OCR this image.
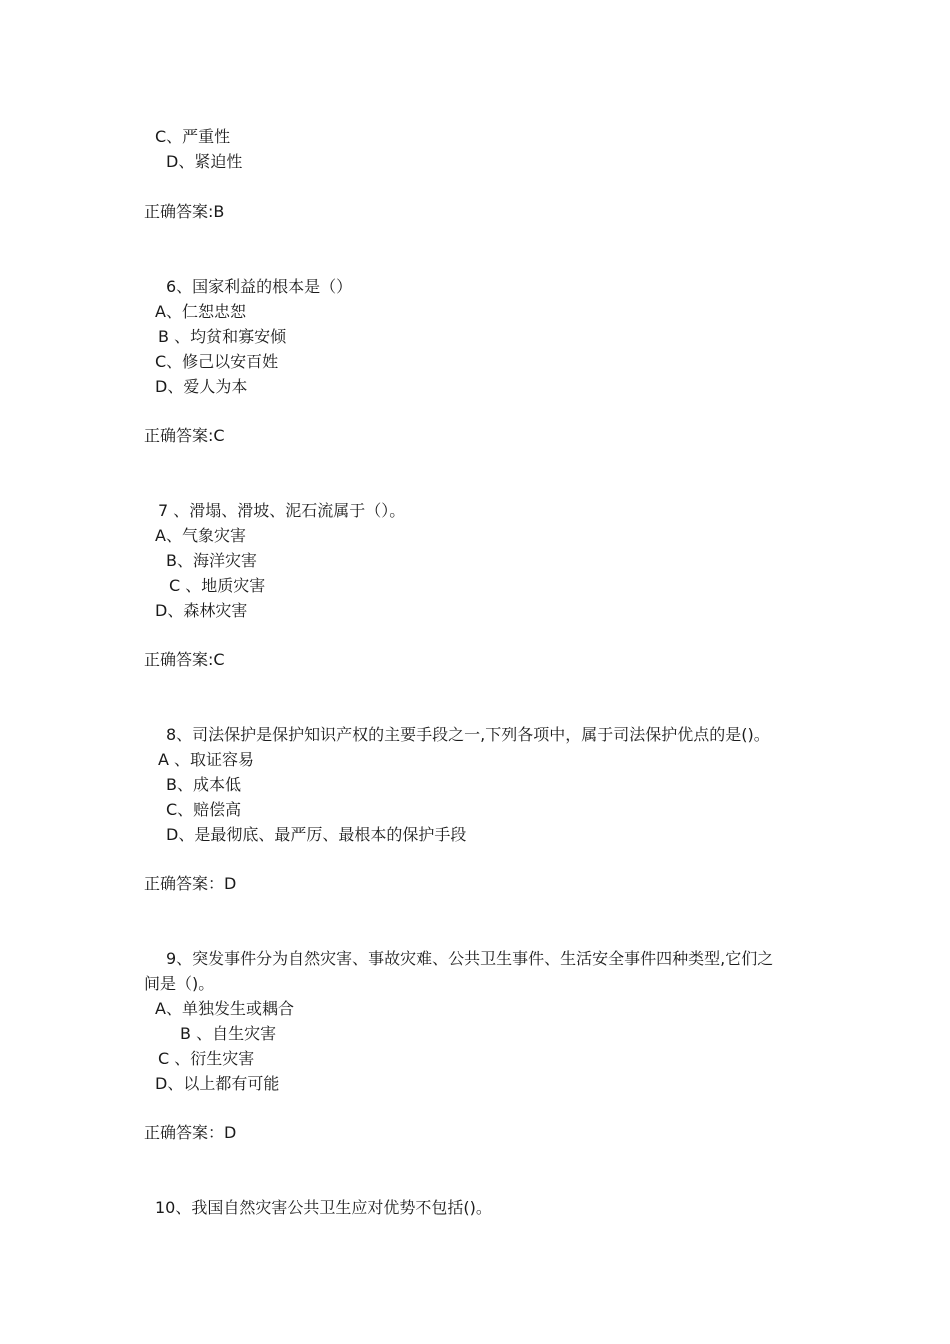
C、严重性
D、紧迫性
正确答案:B
6、国家利益的根本是（）
A、仁恕忠恕
B 、均贫和寡安倾
C、修己以安百姓
D、爱人为本
正确答案:C
7 、滑塌、滑坡、泥石流属于（）。
A、气象灾害
B、海洋灾害
C 、地质灾害
D、森林灾害
正确答案:C
8、司法保护是保护知识产权的主要手段之一,下列各项中，属于司法保护优点的是()。
A 、取证容易
B、成本低
C、赔偿高
D、是最彻底、最严厉、最根本的保护手段
正确答案：D
9、突发事件分为自然灾害、事故灾难、公共卫生事件、生活安全事件四种类型,它们之
间是（)。
A、单独发生或耦合
B 、自生灾害
C 、衍生灾害
D、以上都有可能
正确答案：D
10、我国自然灾害公共卫生应对优势不包括()。
